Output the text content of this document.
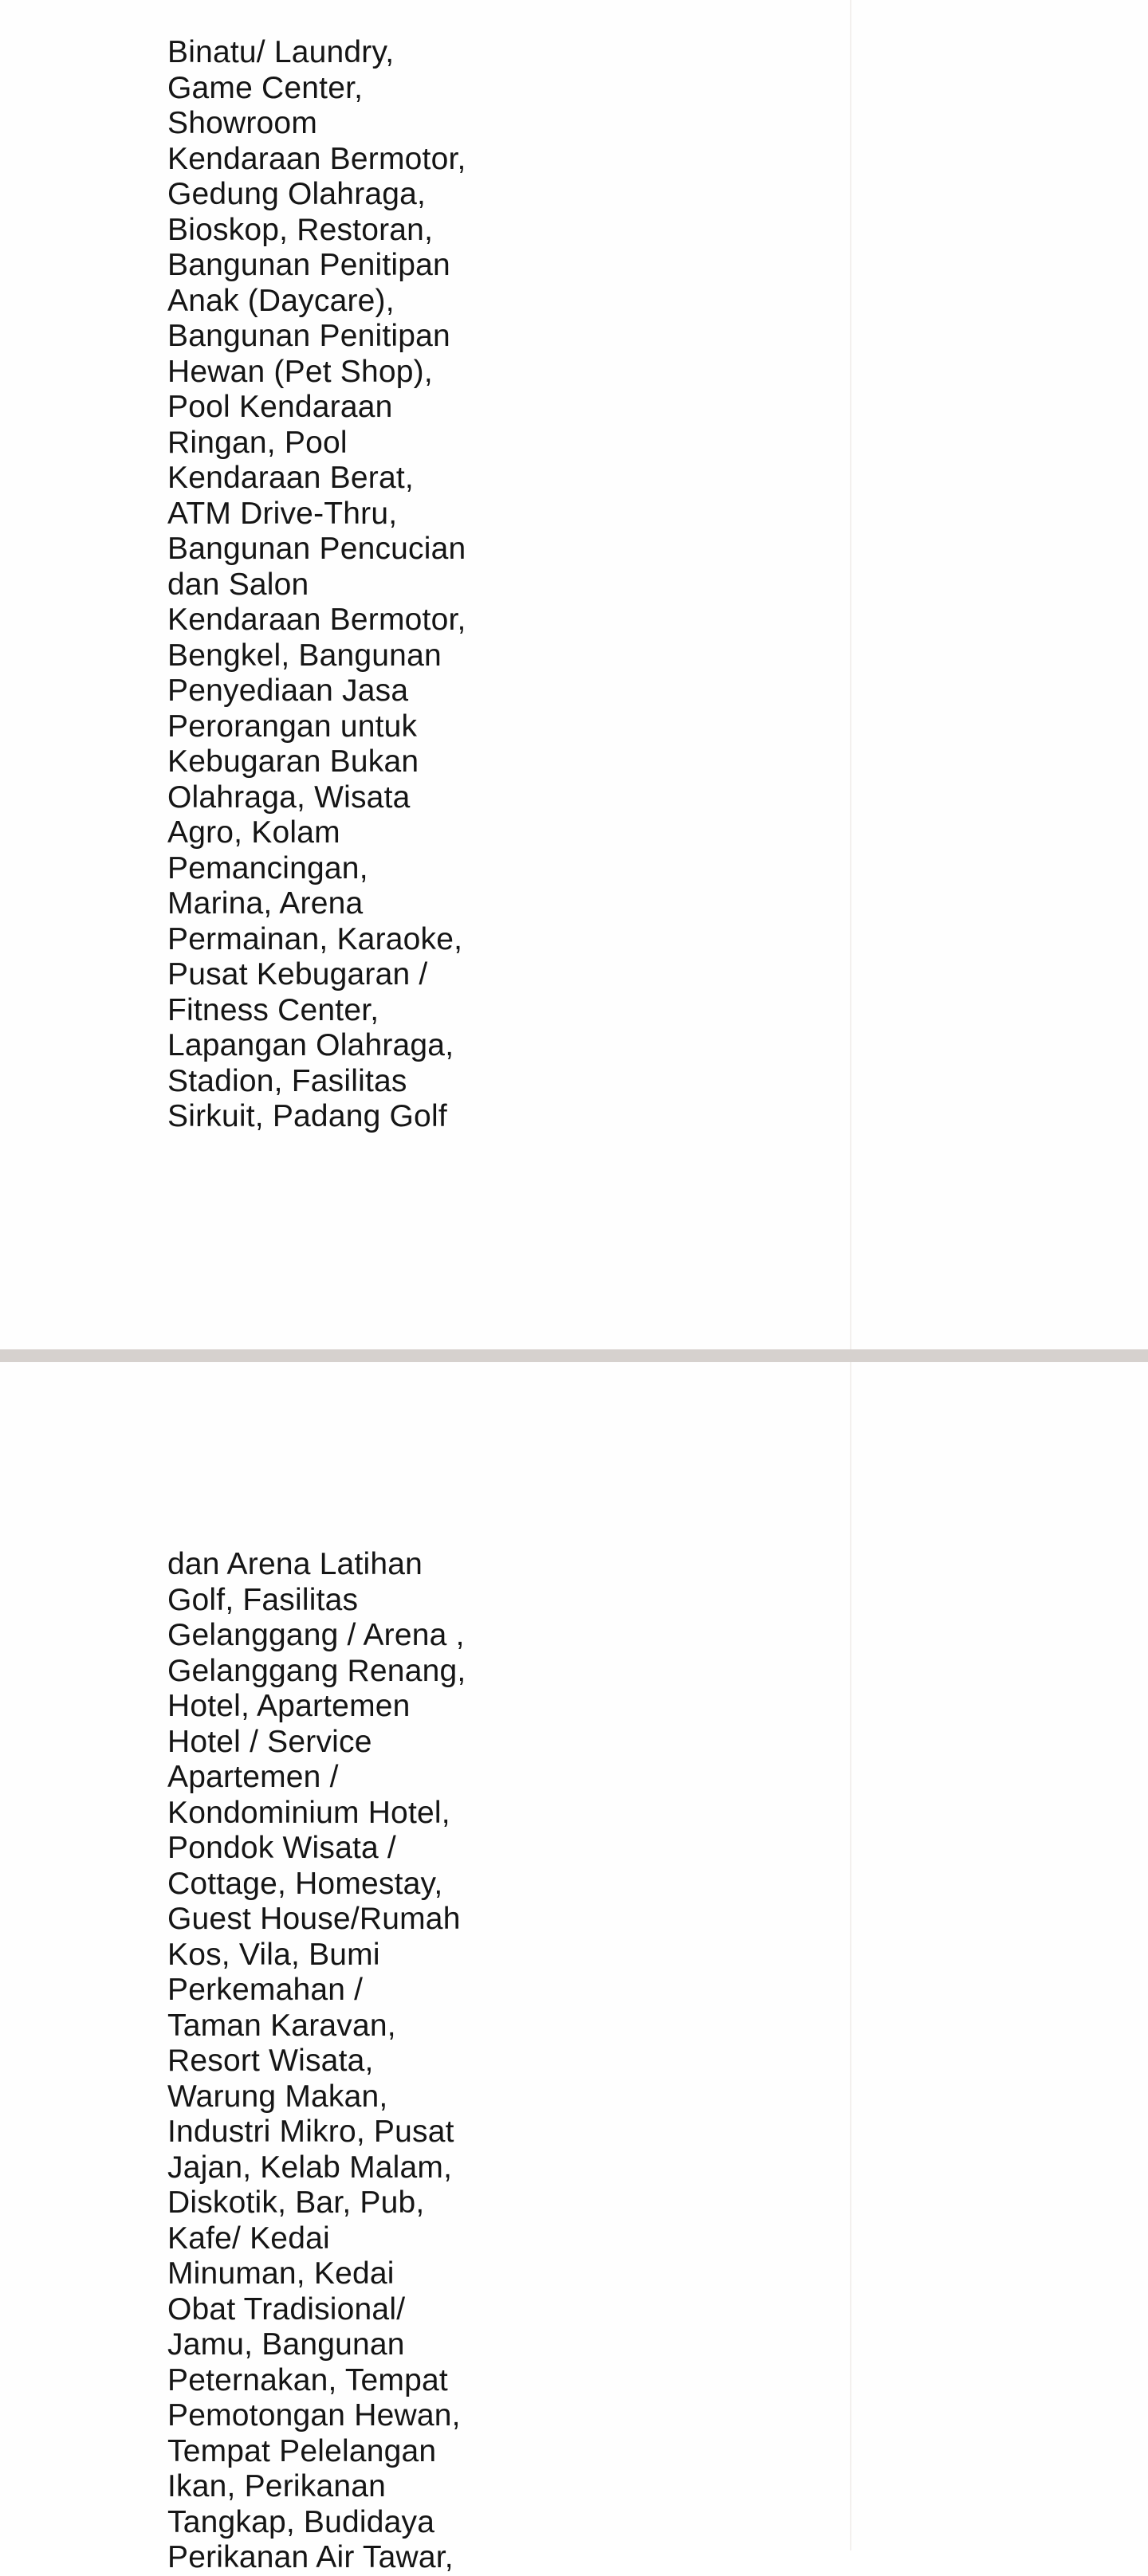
Binatu/ Laundry,
Game Center,
Showroom
Kendaraan Bermotor,
Gedung Olahraga,
Bioskop, Restoran,
Bangunan Penitipan
Anak (Daycare),
Bangunan Penitipan
Hewan (Pet Shop),
Pool Kendaraan
Ringan, Pool
Kendaraan Berat,
ATM Drive-Thru,
Bangunan Pencucian
dan Salon
Kendaraan Bermotor,
Bengkel, Bangunan
Penyediaan Jasa
Perorangan untuk
Kebugaran Bukan
Olahraga, Wisata
Agro, Kolam
Pemancingan,
Marina, Arena
Permainan, Karaoke,
Pusat Kebugaran /
Fitness Center,
Lapangan Olahraga,
Stadion, Fasilitas
Sirkuit, Padang Golf
dan Arena Latihan
Golf, Fasilitas
Gelanggang / Arena ,
Gelanggang Renang,
Hotel, Apartemen
Hotel / Service
Apartemen /
Kondominium Hotel,
Pondok Wisata /
Cottage, Homestay,
Guest House/Rumah
Kos, Vila, Bumi
Perkemahan /
Taman Karavan,
Resort Wisata,
Warung Makan,
Industri Mikro, Pusat
Jajan, Kelab Malam,
Diskotik, Bar, Pub,
Kafe/ Kedai
Minuman, Kedai
Obat Tradisional/
Jamu, Bangunan
Peternakan, Tempat
Pemotongan Hewan,
Tempat Pelelangan
Ikan, Perikanan
Tangkap, Budidaya
Perikanan Air Tawar,
